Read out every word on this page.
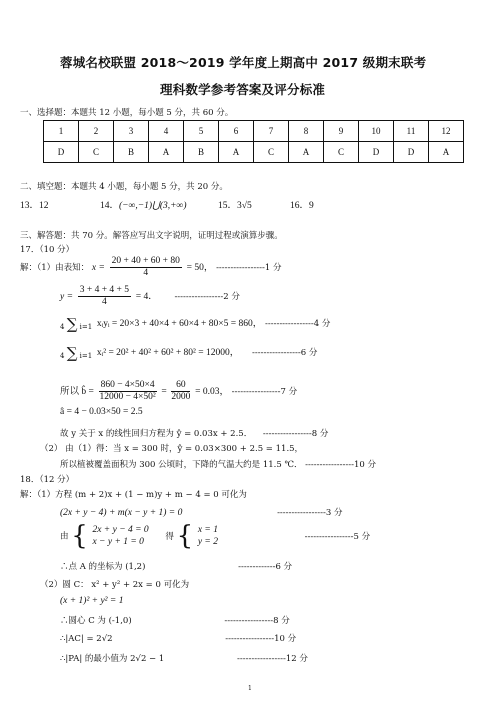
蓉城名校联盟 2018～2019 学年度上期高中 2017 级期末联考
理科数学参考答案及评分标准
一、选择题：本题共 12 小题，每小题 5 分，共 60 分。
1	2	3	4	5	6	7	8	9	10	11	12
D	C	B	A	B	A	C	A	C	D	D	A
二、填空题：本题共 4 小题，每小题 5 分，共 20 分。
13．12	14．(−∞,−1)⋃(3,+∞)	15．3√5	16．9
三、解答题：共 70 分。解答应写出文字说明，证明过程或演算步骤。
17．（10 分）
解：（1）由表知： $x = \frac{20 + 40 + 60 + 80}{4} = 50$， -----------------1 分
$y = \frac{3 + 4 + 4 + 5}{4} = 4$． -----------------2 分
4 ∑ i=1 xᵢyᵢ = 20×3 + 40×4 + 60×4 + 80×5 = 860， -----------------4 分
4 ∑ i=1 xᵢ² = 20² + 40² + 60² + 80² = 12000， -----------------6 分
所以 b̂ = $\frac{860 - 4\times 50\times 4}{\text{12000 − 4×50²}} = \frac{60}{2000} = 0.03$， -----------------7 分
â = 4 − 0.03×50 = 2.5
故 y 关于 x 的线性回归方程为 ŷ = 0.03x + 2.5． -----------------8 分
（2） 由（1）得：当 x = 300 时，ŷ = 0.03×300 + 2.5 = 11.5，
所以植被覆盖面积为 300 公顷时，下降的气温大约是 11.5 ℃． -----------------10 分
18．（12 分）
解：（1）方程 (m + 2)x + (1 − m)y + m − 4 = 0 可化为
(2x + y − 4) + m(x − y + 1) = 0	-----------------3 分
由 { 2x + y − 4 = 0
x − y + 1 = 0
得 { x = 1
y = 2
-----------------5 分
∴点 A 的坐标为 (1,2)	-------------6 分
（2）圆 C： x² + y² + 2x = 0 可化为
(x + 1)² + y² = 1
∴圆心 C 为 (-1,0)	-----------------8 分
∴|AC| = 2√2	-----------------10 分
∴|PA| 的最小值为 2√2 − 1	-----------------12 分
1
